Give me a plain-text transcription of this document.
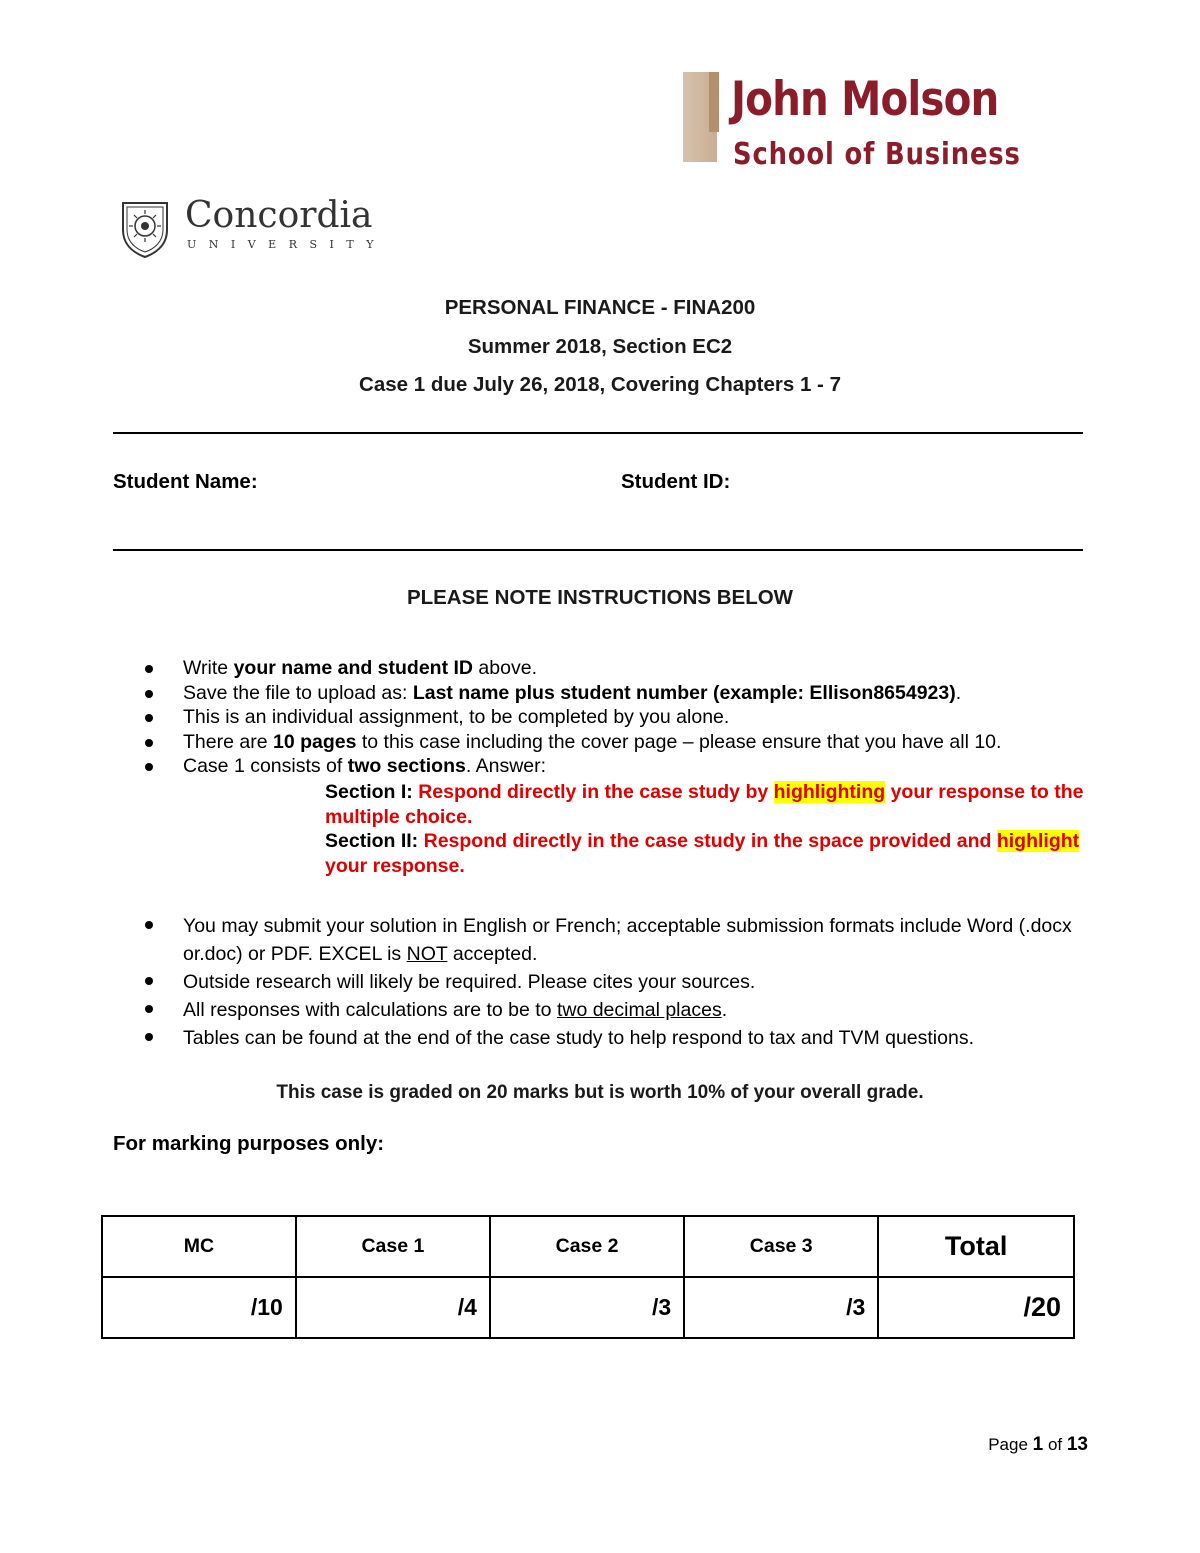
John Molson
School of Business
Concordia
UNIVERSITY
PERSONAL FINANCE - FINA200
Summer 2018, Section EC2
Case 1 due July 26, 2018, Covering Chapters 1 - 7
Student Name:	Student ID:
PLEASE NOTE INSTRUCTIONS BELOW
Write your name and student ID above.
Save the file to upload as: Last name plus student number (example: Ellison8654923).
This is an individual assignment, to be completed by you alone.
There are 10 pages to this case including the cover page – please ensure that you have all 10.
Case 1 consists of two sections. Answer:
Section I: Respond directly in the case study by highlighting your response to the multiple choice.
Section II: Respond directly in the case study in the space provided and highlight your response.
You may submit your solution in English or French; acceptable submission formats include Word (.docx or.doc) or PDF. EXCEL is NOT accepted.
Outside research will likely be required. Please cites your sources.
All responses with calculations are to be to two decimal places.
Tables can be found at the end of the case study to help respond to tax and TVM questions.
This case is graded on 20 marks but is worth 10% of your overall grade.
For marking purposes only:
MC	Case 1	Case 2	Case 3	Total
/10	/4	/3	/3	/20
Page 1 of 13
